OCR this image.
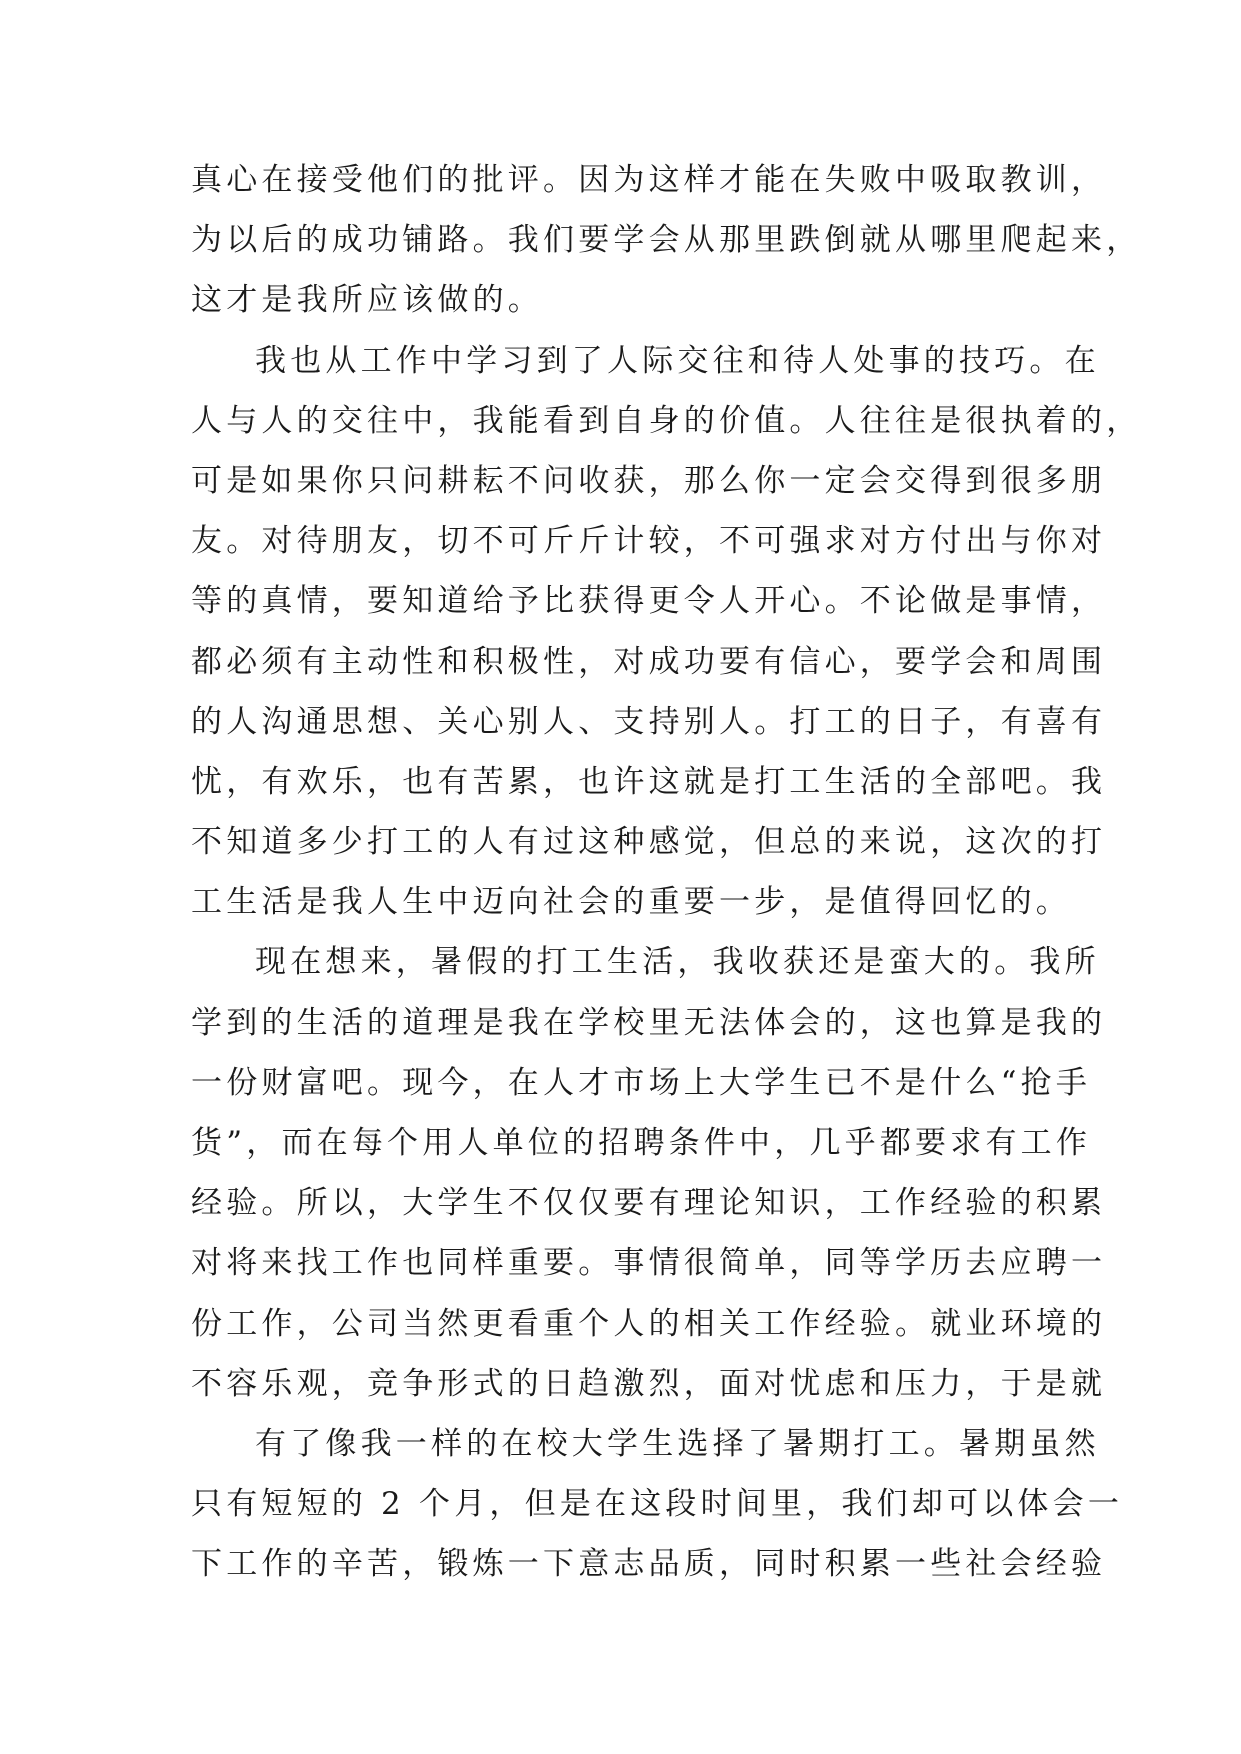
真心在接受他们的批评。因为这样才能在失败中吸取教训，
为以后的成功铺路。我们要学会从那里跌倒就从哪里爬起来，
这才是我所应该做的。
我也从工作中学习到了人际交往和待人处事的技巧。在
人与人的交往中，我能看到自身的价值。人往往是很执着的，
可是如果你只问耕耘不问收获，那么你一定会交得到很多朋
友。对待朋友，切不可斤斤计较，不可强求对方付出与你对
等的真情，要知道给予比获得更令人开心。不论做是事情，
都必须有主动性和积极性，对成功要有信心，要学会和周围
的人沟通思想、关心别人、支持别人。打工的日子，有喜有
忧，有欢乐，也有苦累，也许这就是打工生活的全部吧。我
不知道多少打工的人有过这种感觉，但总的来说，这次的打
工生活是我人生中迈向社会的重要一步，是值得回忆的。
现在想来，暑假的打工生活，我收获还是蛮大的。我所
学到的生活的道理是我在学校里无法体会的，这也算是我的
一份财富吧。现今，在人才市场上大学生已不是什么“抢手
货”，而在每个用人单位的招聘条件中，几乎都要求有工作
经验。所以，大学生不仅仅要有理论知识，工作经验的积累
对将来找工作也同样重要。事情很简单，同等学历去应聘一
份工作，公司当然更看重个人的相关工作经验。就业环境的
不容乐观，竞争形式的日趋激烈，面对忧虑和压力，于是就
有了像我一样的在校大学生选择了暑期打工。暑期虽然
只有短短的 2 个月，但是在这段时间里，我们却可以体会一
下工作的辛苦，锻炼一下意志品质，同时积累一些社会经验
